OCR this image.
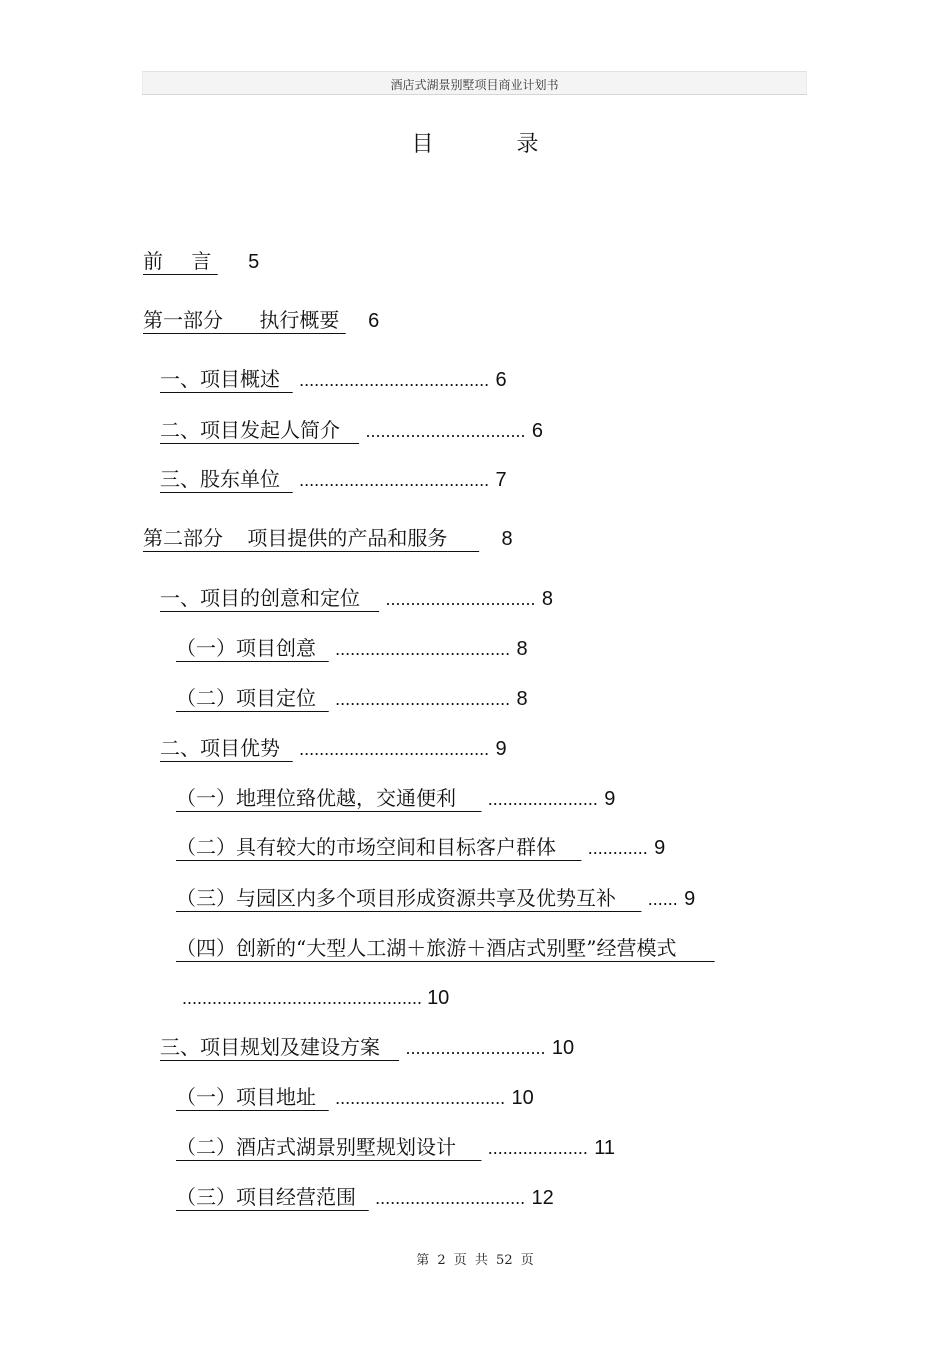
酒店式湖景别墅项目商业计划书
目 录
前 言 5
第一部分 执行概要 6
一、项目概述 ...................................... 6
二、项目发起人简介 ................................ 6
三、股东单位 ...................................... 7
第二部分 项目提供的产品和服务	8
一、项目的创意和定位 .............................. 8
（一）项目创意 ................................... 8
（二）项目定位 ................................... 8
二、项目优势 ...................................... 9
（一）地理位臵优越，交通便利 ...................... 9
（二）具有较大的市场空间和目标客户群体 ............ 9
（三）与园区内多个项目形成资源共享及优势互补 ...... 9
（四）创新的“大型人工湖＋旅游＋酒店式别墅”经营模式
................................................ 10
三、项目规划及建设方案 ............................ 10
（一）项目地址 .................................. 10
（二）酒店式湖景别墅规划设计 .................... 11
（三）项目经营范围 .............................. 12
第 2 页 共 52 页
